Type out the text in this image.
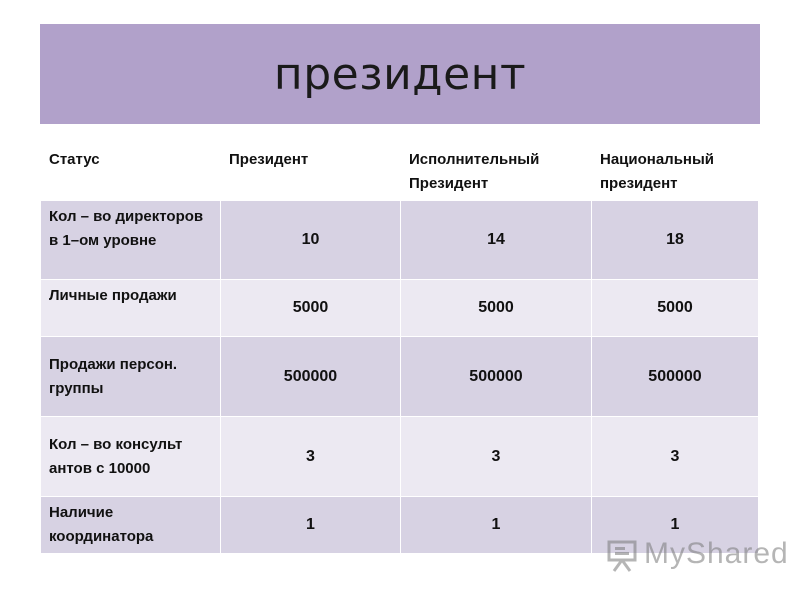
президент
Статус	Президент	Исполнительный Президент	Национальный президент
Кол – во директоров в 1–ом уровне	10	14	18
Личные продажи	5000	5000	5000
Продажи персон. группы	500000	500000	500000
Кол – во консульт антов с 10000	3	3	3
Наличие координатора	1	1	1
MyShared
